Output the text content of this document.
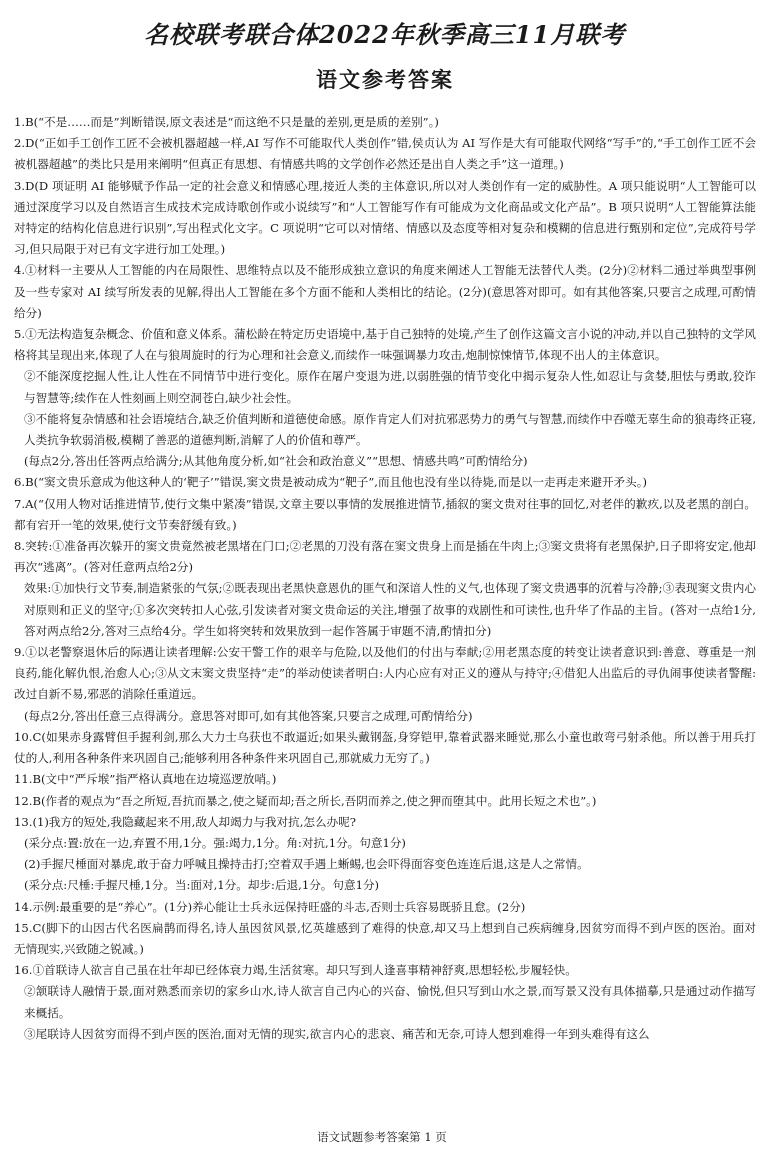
名校联考联合体2022年秋季高三11月联考
语文参考答案
1.B(“不是……而是”判断错误,原文表述是“而这绝不只是量的差别,更是质的差别”。)
2.D(“正如手工创作工匠不会被机器超越一样,AI 写作不可能取代人类创作”错,侯贞认为 AI 写作是大有可能取代网络“写手”的,“手工创作工匠不会被机器超越”的类比只是用来阐明“但真正有思想、有情感共鸣的文学创作必然还是出自人类之手”这一道理。)
3.D(D 项证明 AI 能够赋予作品一定的社会意义和情感心理,接近人类的主体意识,所以对人类创作有一定的威胁性。A 项只能说明“人工智能可以通过深度学习以及自然语言生成技术完成诗歌创作或小说续写”和“人工智能写作有可能成为文化商品或文化产品”。B 项只说明“人工智能算法能对特定的结构化信息进行识别”,写出程式化文字。C 项说明“它可以对情绪、情感以及态度等相对复杂和模糊的信息进行甄别和定位”,完成符号学习,但只局限于对已有文字进行加工处理。)
4.①材料一主要从人工智能的内在局限性、思维特点以及不能形成独立意识的角度来阐述人工智能无法替代人类。(2分)②材料二通过举典型事例及一些专家对 AI 续写所发表的见解,得出人工智能在多个方面不能和人类相比的结论。(2分)(意思答对即可。如有其他答案,只要言之成理,可酌情给分)
5.①无法构造复杂概念、价值和意义体系。蒲松龄在特定历史语境中,基于自己独特的处境,产生了创作这篇文言小说的冲动,并以自己独特的文学风格将其呈现出来,体现了人在与狼周旋时的行为心理和社会意义,而续作一味强调暴力攻击,炮制惊悚情节,体现不出人的主体意识。
②不能深度挖掘人性,让人性在不同情节中进行变化。原作在屠户变退为进,以弱胜强的情节变化中揭示复杂人性,如忍让与贪婪,胆怯与勇敢,狡诈与智慧等;续作在人性刻画上则空洞苍白,缺少社会性。
③不能将复杂情感和社会语境结合,缺乏价值判断和道德使命感。原作肯定人们对抗邪恶势力的勇气与智慧,而续作中吞噬无辜生命的狼毒终正寝,人类抗争软弱消极,模糊了善恶的道德判断,消解了人的价值和尊严。
(每点2分,答出任答两点给满分;从其他角度分析,如“社会和政治意义”“思想、情感共鸣”可酌情给分)
6.B(“窦文贵乐意成为他这种人的‘靶子’”错误,窦文贵是被动成为“靶子”,而且他也没有坐以待毙,而是以一走再走来避开矛头。)
7.A(“仅用人物对话推进情节,使行文集中紧凑”错误,文章主要以事情的发展推进情节,插叙的窦文贵对往事的回忆,对老伴的歉疚,以及老黑的剖白。都有宕开一笔的效果,使行文节奏舒缓有致。)
8.突转:①准备再次躲开的窦文贵竟然被老黑堵在门口;②老黑的刀没有落在窦文贵身上而是插在牛肉上;③窦文贵将有老黑保护,日子即将安定,他却再次“逃离”。(答对任意两点给2分)
效果:①加快行文节奏,制造紧张的气氛;②既表现出老黑快意恩仇的匪气和深谙人性的义气,也体现了窦文贵遇事的沉着与冷静;③表现窦文贵内心对原则和正义的坚守;①多次突转扣人心弦,引发读者对窦文贵命运的关注,增强了故事的戏剧性和可读性,也升华了作品的主旨。(答对一点给1分,答对两点给2分,答对三点给4分。学生如将突转和效果放到一起作答属于审题不清,酌情扣分)
9.①以老警察退休后的际遇让读者理解:公安干警工作的艰辛与危险,以及他们的付出与奉献;②用老黑态度的转变让读者意识到:善意、尊重是一剂良药,能化解仇恨,治愈人心;③从文末窦文贵坚持“走”的举动使读者明白:人内心应有对正义的遵从与持守;④借犯人出监后的寻仇闹事使读者警醒:改过自新不易,邪恶的消除任重道远。
(每点2分,答出任意三点得满分。意思答对即可,如有其他答案,只要言之成理,可酌情给分)
10.C(如果赤身露臂但手握利剑,那么大力士乌获也不敢逼近;如果头戴钢盔,身穿铠甲,靠着武器来睡觉,那么小童也敢弯弓射杀他。所以善于用兵打仗的人,利用各种条件来巩固自己;能够利用各种条件来巩固自己,那就威力无穷了。)
11.B(文中“严斥堠”指严格认真地在边境巡逻放哨。)
12.B(作者的观点为“吾之所短,吾抗而暴之,使之疑而却;吾之所长,吾阴而养之,使之狎而堕其中。此用长短之术也”。)
13.(1)我方的短处,我隐藏起来不用,敌人却竭力与我对抗,怎么办呢?
(采分点:置:放在一边,弃置不用,1分。强:竭力,1分。角:对抗,1分。句意1分)
(2)手握尺棰面对暴虎,敢于奋力呼喊且操持击打;空着双手遇上蜥蜴,也会吓得面容变色连连后退,这是人之常情。
(采分点:尺棰:手握尺棰,1分。当:面对,1分。却步:后退,1分。句意1分)
14.示例:最重要的是“养心”。(1分)养心能让士兵永远保持旺盛的斗志,否则士兵容易既骄且怠。(2分)
15.C(脚下的山因古代名医扁鹊而得名,诗人虽因贫风景,忆英雄感到了难得的快意,却又马上想到自己疾病缠身,因贫穷而得不到卢医的医治。面对无情现实,兴致随之锐减。)
16.①首联诗人欲言自己虽在壮年却已经体衰力竭,生活贫寒。却只写到人逢喜事精神舒爽,思想轻松,步履轻快。
②颔联诗人融情于景,面对熟悉而亲切的家乡山水,诗人欲言自己内心的兴奋、愉悦,但只写到山水之景,而写景又没有具体描摹,只是通过动作描写来概括。
③尾联诗人因贫穷而得不到卢医的医治,面对无情的现实,欲言内心的悲哀、痛苦和无奈,可诗人想到难得一年到头难得有这么
语文试题参考答案第 1 页
